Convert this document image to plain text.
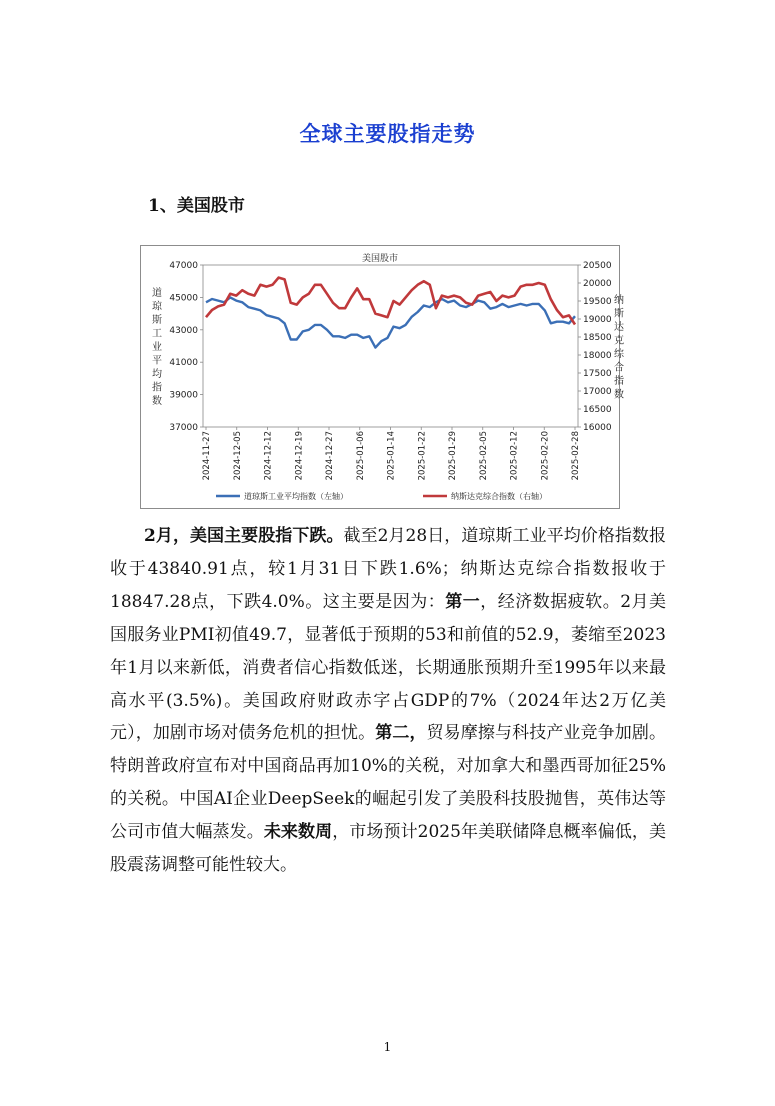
全球主要股指走势
1、美国股市
美国股市
37000
39000
41000
43000
45000
47000
16000
16500
17000
17500
18000
18500
19000
19500
20000
20500
2024-11-27 2024-12-05 2024-12-12 2024-12-19 2024-12-27 2025-01-06 2025-01-14 2025-01-22 2025-01-29 2025-02-05 2025-02-12 2025-02-20 2025-02-28
道琼斯工业平均指数
纳斯达克综合指数
道琼斯工业平均指数（左轴）	纳斯达克综合指数（右轴）
2月，美国主要股指下跌。截至2月28日，道琼斯工业平均价格指数报收于43840.91点，较1月31日下跌1.6%；纳斯达克综合指数报收于18847.28点，下跌4.0%。这主要是因为：第一，经济数据疲软。2月美国服务业PMI初值49.7，显著低于预期的53和前值的52.9，萎缩至2023年1月以来新低，消费者信心指数低迷，长期通胀预期升至1995年以来最高水平(3.5%)。美国政府财政赤字占GDP的7%（2024年达2万亿美元），加剧市场对债务危机的担忧。第二，贸易摩擦与科技产业竞争加剧。特朗普政府宣布对中国商品再加10%的关税，对加拿大和墨西哥加征25%的关税。中国AI企业DeepSeek的崛起引发了美股科技股抛售，英伟达等公司市值大幅蒸发。未来数周，市场预计2025年美联储降息概率偏低，美股震荡调整可能性较大。
1
